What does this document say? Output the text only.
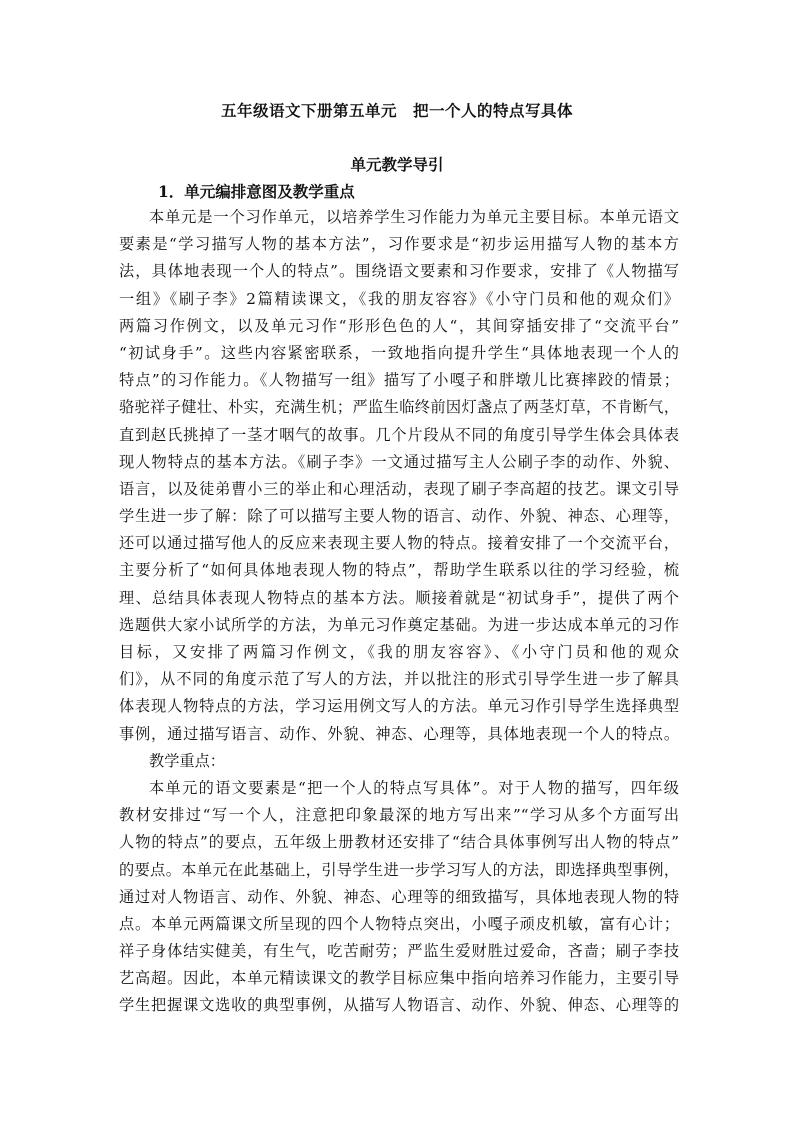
五年级语文下册第五单元　把一个人的特点写具体
单元教学导引
1．单元编排意图及教学重点
本单元是一个习作单元，以培养学生习作能力为单元主要目标。本单元语文
要素是“学习描写人物的基本方法”，习作要求是“初步运用描写人物的基本方
法，具体地表现一个人的特点”。围绕语文要素和习作要求，安排了《人物描写
一组》《刷子李》2篇精读课文，《我的朋友容容》《小守门员和他的观众们》
两篇习作例文，以及单元习作“形形色色的人“，其间穿插安排了“交流平台”
“初试身手”。这些内容紧密联系，一致地指向提升学生“具体地表现一个人的
特点”的习作能力。《人物描写一组》描写了小嘎子和胖墩儿比赛摔跤的情景；
骆驼祥子健壮、朴实，充满生机；严监生临终前因灯盏点了两茎灯草，不肯断气，
直到赵氏挑掉了一茎才咽气的故事。几个片段从不同的角度引导学生体会具体表
现人物特点的基本方法。《刷子李》一文通过描写主人公刷子李的动作、外貌、
语言，以及徒弟曹小三的举止和心理活动，表现了刷子李高超的技艺。课文引导
学生进一步了解：除了可以描写主要人物的语言、动作、外貌、神态、心理等，
还可以通过描写他人的反应来表现主要人物的特点。接着安排了一个交流平台，
主要分析了“如何具体地表现人物的特点”，帮助学生联系以往的学习经验，梳
理、总结具体表现人物特点的基本方法。顺接着就是“初试身手”，提供了两个
选题供大家小试所学的方法，为单元习作奠定基础。为进一步达成本单元的习作
目标，又安排了两篇习作例文，《我的朋友容容》、《小守门员和他的观众
们》，从不同的角度示范了写人的方法，并以批注的形式引导学生进一步了解具
体表现人物特点的方法，学习运用例文写人的方法。单元习作引导学生选择典型
事例，通过描写语言、动作、外貌、神态、心理等，具体地表现一个人的特点。
教学重点：
本单元的语文要素是“把一个人的特点写具体”。对于人物的描写，四年级
教材安排过“写一个人，注意把印象最深的地方写出来”“学习从多个方面写出
人物的特点”的要点，五年级上册教材还安排了“结合具体事例写出人物的特点”
的要点。本单元在此基础上，引导学生进一步学习写人的方法，即选择典型事例，
通过对人物语言、动作、外貌、神态、心理等的细致描写，具体地表现人物的特
点。本单元两篇课文所呈现的四个人物特点突出，小嘎子顽皮机敏，富有心计；
祥子身体结实健美，有生气，吃苦耐劳；严监生爱财胜过爱命，吝啬；刷子李技
艺高超。因此，本单元精读课文的教学目标应集中指向培养习作能力，主要引导
学生把握课文选收的典型事例，从描写人物语言、动作、外貌、伸态、心理等的
